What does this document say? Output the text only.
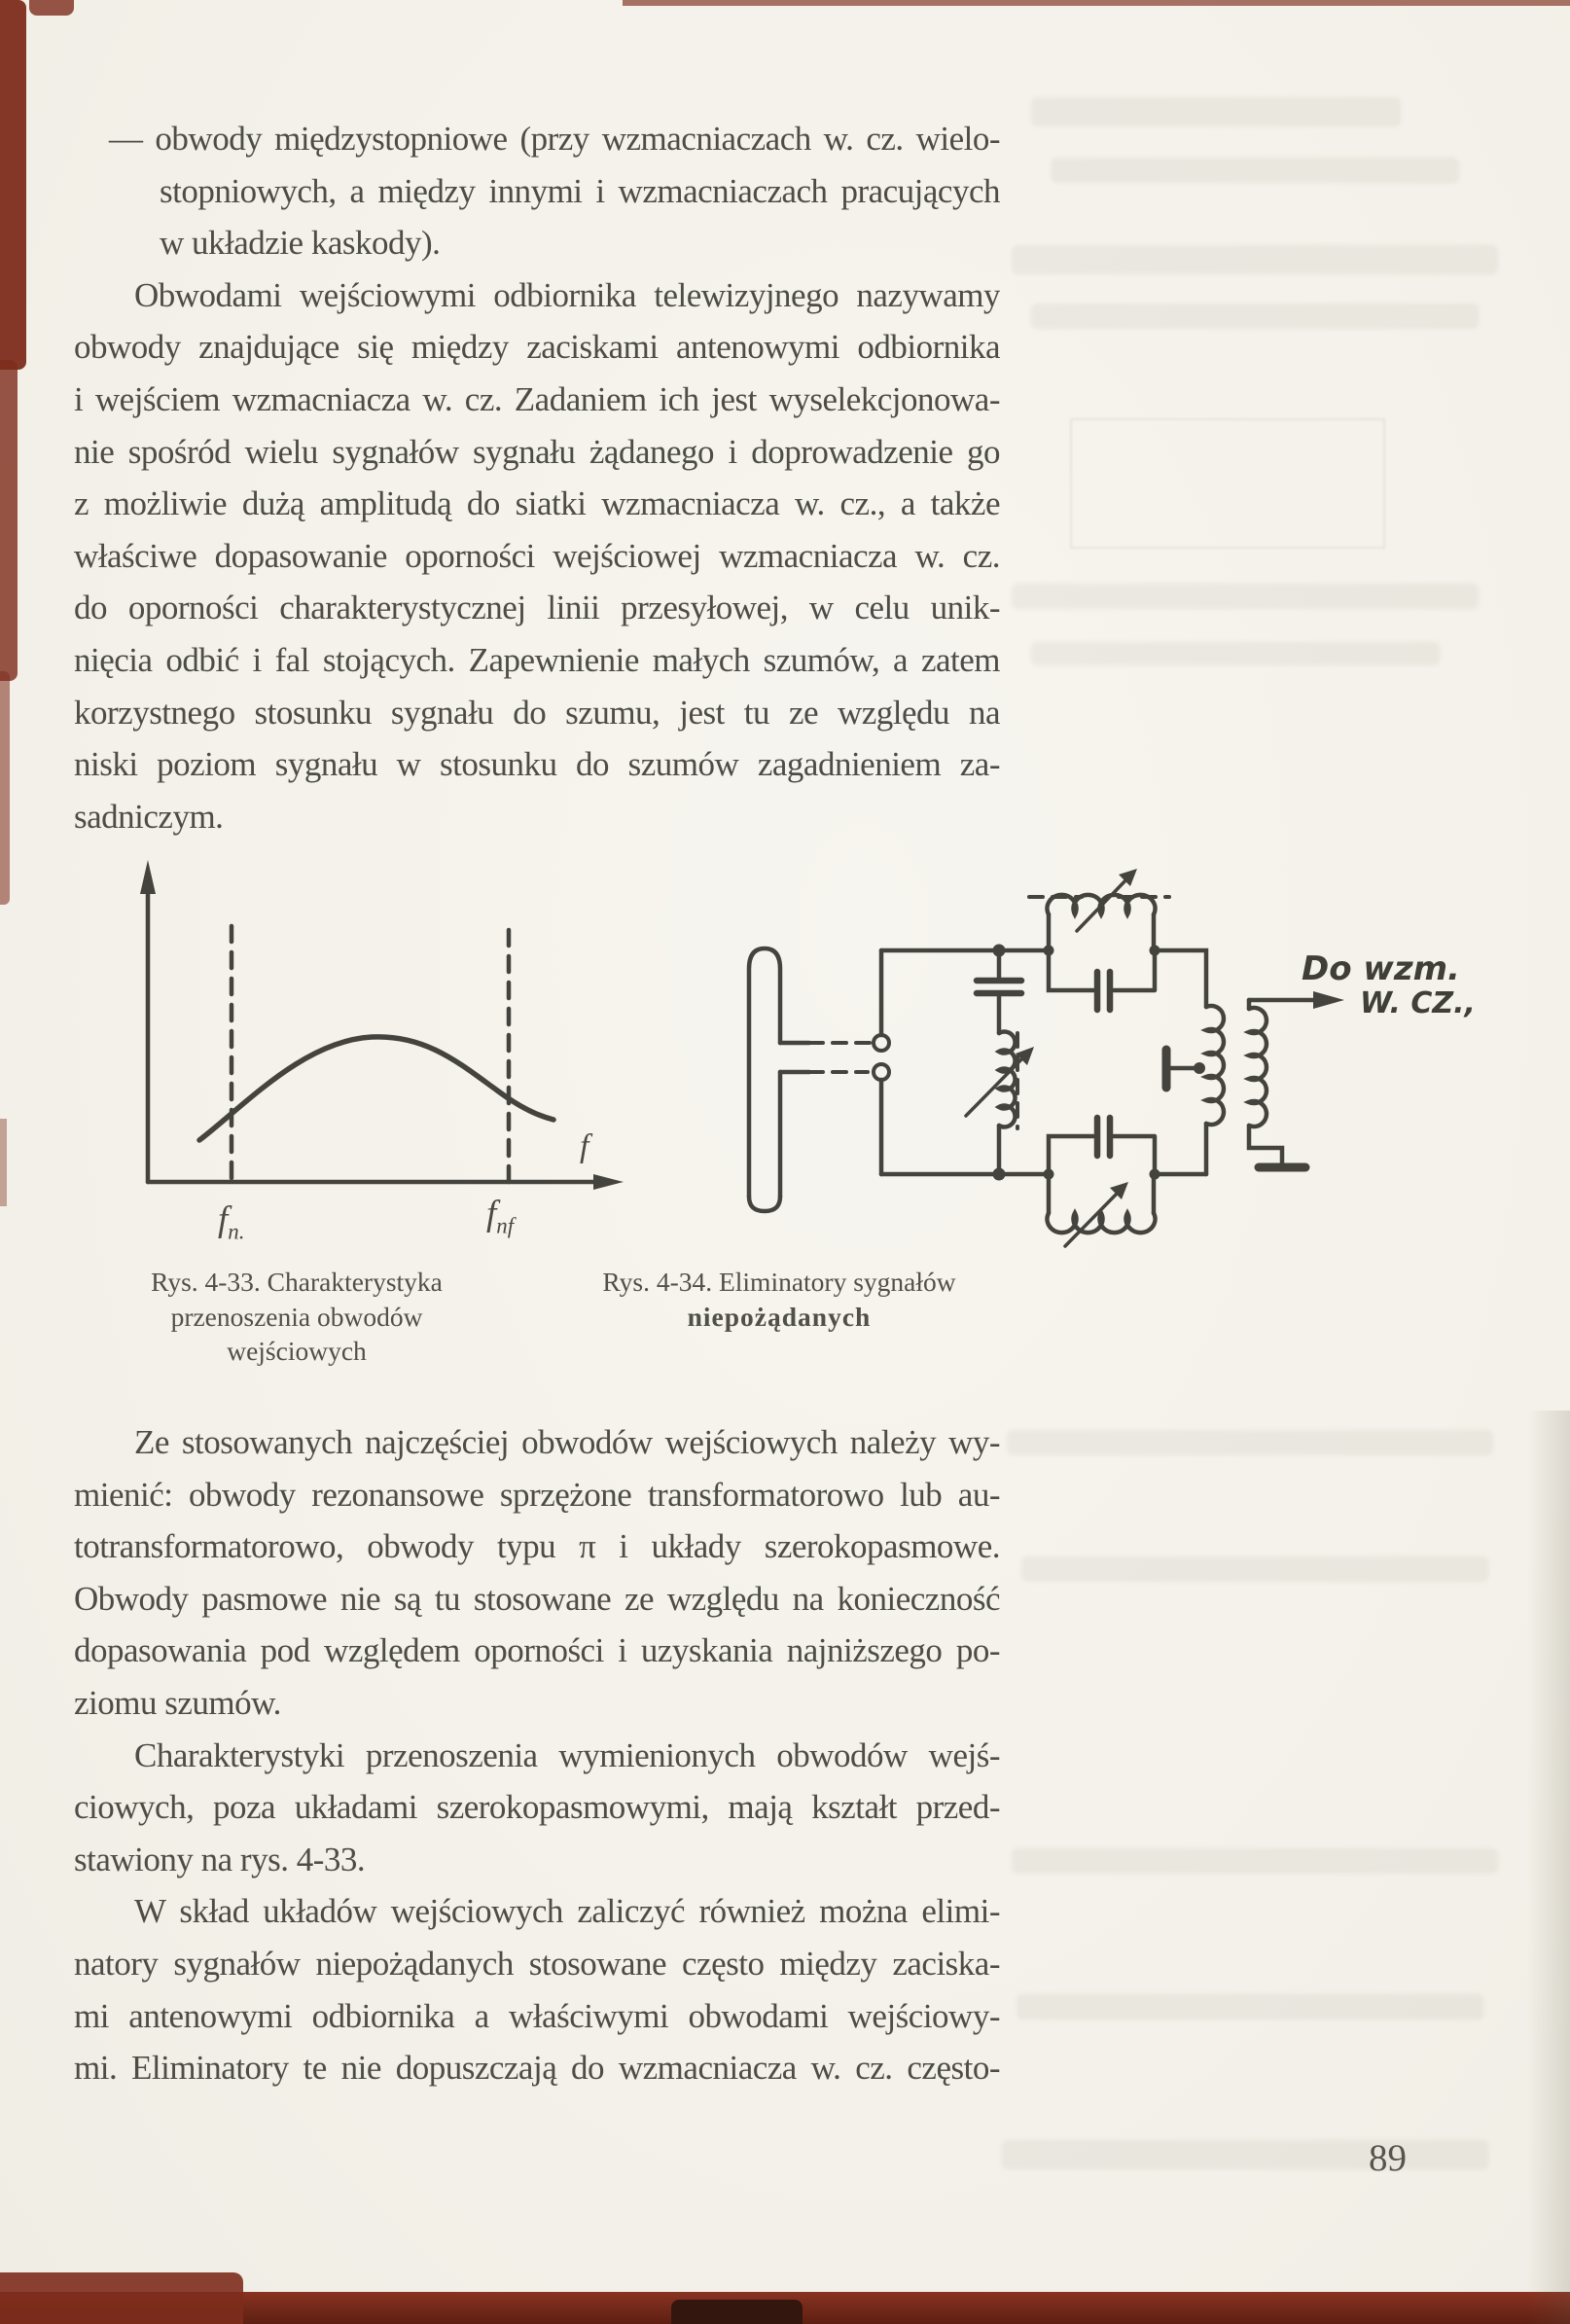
— obwody międzystopniowe (przy wzmacniaczach w. cz. wielo-
stopniowych, a między innymi i wzmacniaczach pracujących
w układzie kaskody).
Obwodami wejściowymi odbiornika telewizyjnego nazywamy
obwody znajdujące się między zaciskami antenowymi odbiornika
i wejściem wzmacniacza w. cz. Zadaniem ich jest wyselekcjonowa-
nie spośród wielu sygnałów sygnału żądanego i doprowadzenie go
z możliwie dużą amplitudą do siatki wzmacniacza w. cz., a także
właściwe dopasowanie oporności wejściowej wzmacniacza w. cz.
do oporności charakterystycznej linii przesyłowej, w celu unik-
nięcia odbić i fal stojących. Zapewnienie małych szumów, a zatem
korzystnego stosunku sygnału do szumu, jest tu ze względu na
niski poziom sygnału w stosunku do szumów zagadnieniem za-
sadniczym.
f
$f_{n.}$	$f_{nf}$
Do wzm.
W. CZ.,
Rys. 4-33. Charakterystyka
przenoszenia obwodów
wejściowych
Rys. 4-34. Eliminatory sygnałów
niepożądanych
Ze stosowanych najczęściej obwodów wejściowych należy wy-
mienić: obwody rezonansowe sprzężone transformatorowo lub au-
totransformatorowo, obwody typu π i układy szerokopasmowe.
Obwody pasmowe nie są tu stosowane ze względu na konieczność
dopasowania pod względem oporności i uzyskania najniższego po-
ziomu szumów.
Charakterystyki przenoszenia wymienionych obwodów wejś-
ciowych, poza układami szerokopasmowymi, mają kształt przed-
stawiony na rys. 4-33.
W skład układów wejściowych zaliczyć również można elimi-
natory sygnałów niepożądanych stosowane często między zaciska-
mi antenowymi odbiornika a właściwymi obwodami wejściowy-
mi. Eliminatory te nie dopuszczają do wzmacniacza w. cz. często-
89
